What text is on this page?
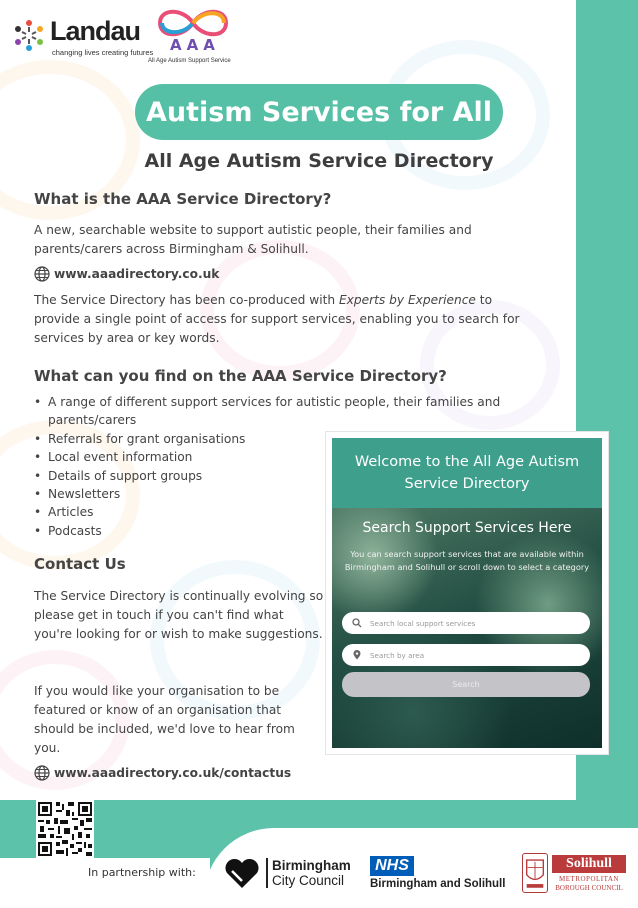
Landau
changing lives creating futures AAA
All Age Autism Support Service
Autism Services for All
All Age Autism Service Directory
What is the AAA Service Directory?
A new, searchable website to support autistic people, their families and parents/carers across Birmingham & Solihull.
www.aaadirectory.co.uk
The Service Directory has been co-produced with Experts by Experience to provide a single point of access for support services, enabling you to search for services by area or key words.
What can you find on the AAA Service Directory?
• A range of different support services for autistic people, their families and parents/carers
• Referrals for grant organisations
• Local event information
• Details of support groups
• Newsletters
• Articles
• Podcasts
Contact Us
The Service Directory is continually evolving so please get in touch if you can't find what you're looking for or wish to make suggestions.
If you would like your organisation to be featured or know of an organisation that should be included, we'd love to hear from you.
www.aaadirectory.co.uk/contactus
Welcome to the All Age Autism Service Directory
Search Support Services Here
You can search support services that are available within Birmingham and Solihull or scroll down to select a category
Search local support services
Search by area
Search
In partnership with:	Birmingham
City Council
NHS
Birmingham and Solihull
Solihull
METROPOLITAN
BOROUGH COUNCIL
